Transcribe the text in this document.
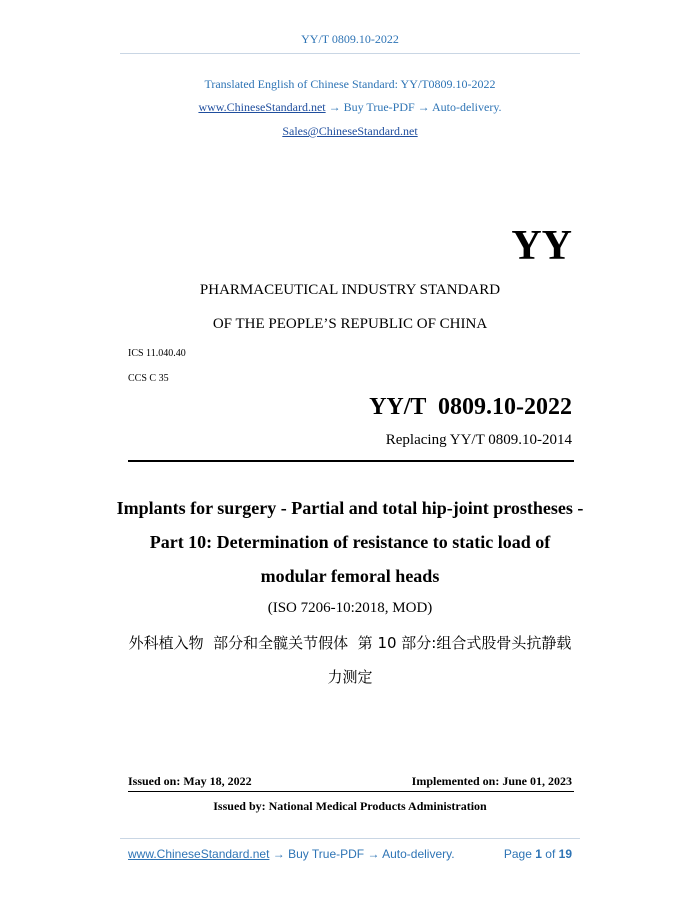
YY/T 0809.10-2022
Translated English of Chinese Standard: YY/T0809.10-2022
www.ChineseStandard.net → Buy True-PDF → Auto-delivery.
Sales@ChineseStandard.net
YY
PHARMACEUTICAL INDUSTRY STANDARD
OF THE PEOPLE’S REPUBLIC OF CHINA
ICS 11.040.40
CCS C 35
YY/T  0809.10-2022
Replacing YY/T 0809.10-2014
Implants for surgery - Partial and total hip-joint prostheses -
Part 10: Determination of resistance to static load of
modular femoral heads
(ISO 7206-10:2018, MOD)
外科植入物  部分和全髋关节假体  第 10 部分:组合式股骨头抗静载
力测定
Issued on: May 18, 2022	Implemented on: June 01, 2023
Issued by: National Medical Products Administration
www.ChineseStandard.net → Buy True-PDF → Auto-delivery.	Page 1 of 19
